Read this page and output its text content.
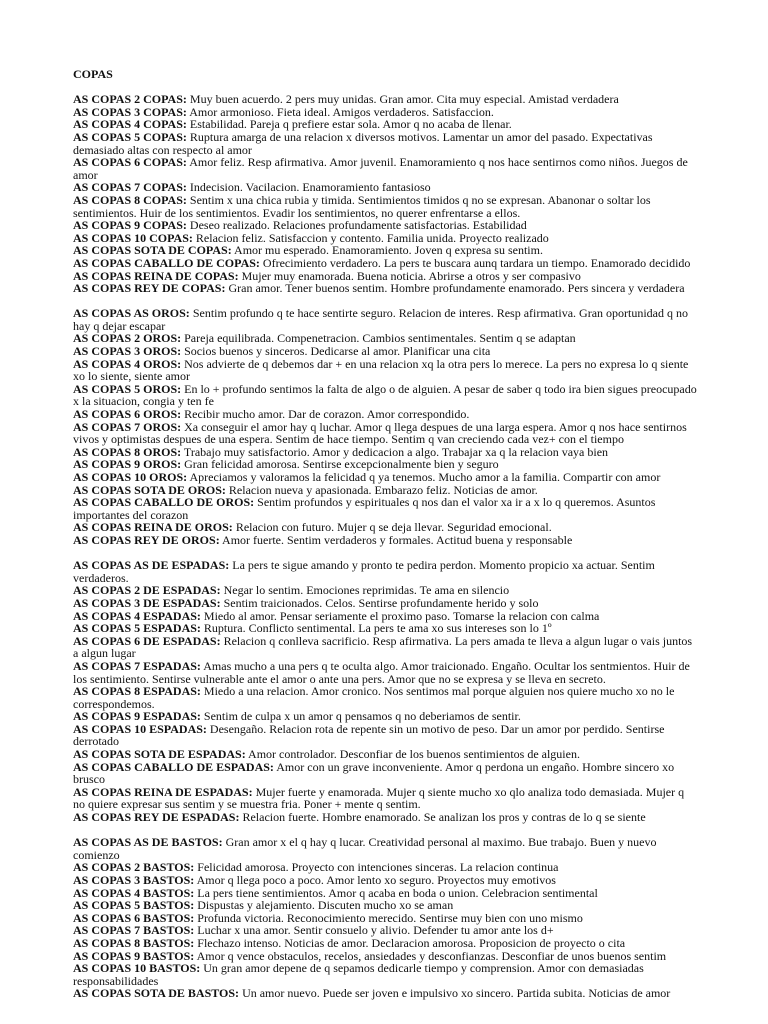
COPAS
AS COPAS 2 COPAS: Muy buen acuerdo. 2 pers muy unidas. Gran amor. Cita muy especial. Amistad verdadera
AS COPAS 3 COPAS: Amor armonioso. Fieta ideal. Amigos verdaderos. Satisfaccion.
AS COPAS 4 COPAS: Estabilidad. Pareja q prefiere estar sola. Amor q no acaba de llenar.
AS COPAS 5 COPAS: Ruptura amarga de una relacion x diversos motivos. Lamentar un amor del pasado. Expectativas demasiado altas con respecto al amor
AS COPAS 6 COPAS: Amor feliz. Resp afirmativa. Amor juvenil. Enamoramiento q nos hace sentirnos como niños. Juegos de amor
AS COPAS 7 COPAS: Indecision. Vacilacion. Enamoramiento fantasioso
AS COPAS 8 COPAS: Sentim x una chica rubia y timida. Sentimientos timidos q no se expresan. Abanonar o soltar los sentimientos. Huir de los sentimientos. Evadir los sentimientos, no querer enfrentarse a ellos.
AS COPAS 9 COPAS: Deseo realizado. Relaciones profundamente satisfactorias. Estabilidad
AS COPAS 10 COPAS: Relacion feliz. Satisfaccion y contento. Familia unida. Proyecto realizado
AS COPAS SOTA DE COPAS: Amor mu esperado. Enamoramiento. Joven q expresa su sentim.
AS COPAS CABALLO DE COPAS: Ofrecimiento verdadero. La pers te buscara aunq tardara un tiempo. Enamorado decidido
AS COPAS REINA DE COPAS: Mujer muy enamorada. Buena noticia. Abrirse a otros y ser compasivo
AS COPAS REY DE COPAS: Gran amor. Tener buenos sentim. Hombre profundamente enamorado. Pers sincera y verdadera
AS COPAS AS OROS: Sentim profundo q te hace sentirte seguro. Relacion de interes. Resp afirmativa. Gran oportunidad q no hay q dejar escapar
AS COPAS 2 OROS: Pareja equilibrada. Compenetracion. Cambios sentimentales. Sentim q se adaptan
AS COPAS 3 OROS: Socios buenos y sinceros. Dedicarse al amor. Planificar una cita
AS COPAS 4 OROS: Nos advierte de q debemos dar + en una relacion xq la otra pers lo merece. La pers no expresa lo q siente xo lo siente, siente amor
AS COPAS 5 OROS: En lo + profundo sentimos la falta de algo o de alguien. A pesar de saber q todo ira bien sigues preocupado x la situacion, congia y ten fe
AS COPAS 6 OROS: Recibir mucho amor. Dar de corazon. Amor correspondido.
AS COPAS 7 OROS: Xa conseguir el amor hay q luchar. Amor q llega despues de una larga espera. Amor q nos hace sentirnos vivos y optimistas despues de una espera. Sentim de hace tiempo. Sentim q van creciendo cada vez+ con el tiempo
AS COPAS 8 OROS: Trabajo muy satisfactorio. Amor y dedicacion a algo. Trabajar xa q la relacion vaya bien
AS COPAS 9 OROS: Gran felicidad amorosa. Sentirse excepcionalmente bien y seguro
AS COPAS 10 OROS: Apreciamos y valoramos la felicidad q ya tenemos. Mucho amor a la familia. Compartir con amor
AS COPAS SOTA DE OROS: Relacion nueva y apasionada. Embarazo feliz. Noticias de amor.
AS COPAS CABALLO DE OROS: Sentim profundos y espirituales q nos dan el valor xa ir a x lo q queremos. Asuntos importantes del corazon
AS COPAS REINA DE OROS: Relacion con futuro. Mujer q se deja llevar. Seguridad emocional.
AS COPAS REY DE OROS: Amor fuerte. Sentim verdaderos y formales. Actitud buena y responsable
AS COPAS AS DE ESPADAS: La pers te sigue amando y pronto te pedira perdon. Momento propicio xa actuar. Sentim verdaderos.
AS COPAS 2 DE ESPADAS: Negar lo sentim. Emociones reprimidas. Te ama en silencio
AS COPAS 3 DE ESPADAS: Sentim traicionados. Celos. Sentirse profundamente herido y solo
AS COPAS 4 ESPADAS: Miedo al amor. Pensar seriamente el proximo paso. Tomarse la relacion con calma
AS COPAS 5 ESPADAS: Ruptura. Conflicto sentimental. La pers te ama xo sus intereses son lo 1º
AS COPAS 6 DE ESPADAS: Relacion q conlleva sacrificio. Resp afirmativa. La pers amada te lleva a algun lugar o vais juntos a algun lugar
AS COPAS 7 ESPADAS: Amas mucho a una pers q te oculta algo. Amor traicionado. Engaño. Ocultar los sentmientos. Huir de los sentimiento. Sentirse vulnerable ante el amor o ante una pers. Amor que no se expresa y se lleva en secreto.
AS COPAS 8 ESPADAS: Miedo a una relacion. Amor cronico. Nos sentimos mal porque alguien nos quiere mucho xo no le correspondemos.
AS COPAS 9 ESPADAS: Sentim de culpa x un amor q pensamos q no deberiamos de sentir.
AS COPAS 10 ESPADAS: Desengaño. Relacion rota de repente sin un motivo de peso. Dar un amor por perdido. Sentirse derrotado
AS COPAS SOTA DE ESPADAS: Amor controlador. Desconfiar de los buenos sentimientos de alguien.
AS COPAS CABALLO DE ESPADAS: Amor con un grave inconveniente. Amor q perdona un engaño. Hombre sincero xo brusco
AS COPAS REINA DE ESPADAS: Mujer fuerte y enamorada. Mujer q siente mucho xo qlo analiza todo demasiada. Mujer q no quiere expresar sus sentim y se muestra fria. Poner + mente q sentim.
AS COPAS REY DE ESPADAS: Relacion fuerte. Hombre enamorado. Se analizan los pros y contras de lo q se siente
AS COPAS AS DE BASTOS: Gran amor x el q hay q lucar. Creatividad personal al maximo. Bue trabajo. Buen y nuevo comienzo
AS COPAS 2 BASTOS: Felicidad amorosa. Proyecto con intenciones sinceras. La relacion continua
AS COPAS 3 BASTOS: Amor q llega poco a poco. Amor lento xo seguro. Proyectos muy emotivos
AS COPAS 4 BASTOS: La pers tiene sentimientos. Amor q acaba en boda o union. Celebracion sentimental
AS COPAS 5 BASTOS: Dispustas y alejamiento. Discuten mucho xo se aman
AS COPAS 6 BASTOS: Profunda victoria. Reconocimiento merecido. Sentirse muy bien con uno mismo
AS COPAS 7 BASTOS: Luchar x una amor. Sentir consuelo y alivio. Defender tu amor ante los d+
AS COPAS 8 BASTOS: Flechazo intenso. Noticias de amor. Declaracion amorosa. Proposicion de proyecto o cita
AS COPAS 9 BASTOS: Amor q vence obstaculos, recelos, ansiedades y desconfianzas. Desconfiar de unos buenos sentim
AS COPAS 10 BASTOS: Un gran amor depene de q sepamos dedicarle tiempo y comprension. Amor con demasiadas responsabilidades
AS COPAS SOTA DE BASTOS: Un amor nuevo. Puede ser joven e impulsivo xo sincero. Partida subita. Noticias de amor
